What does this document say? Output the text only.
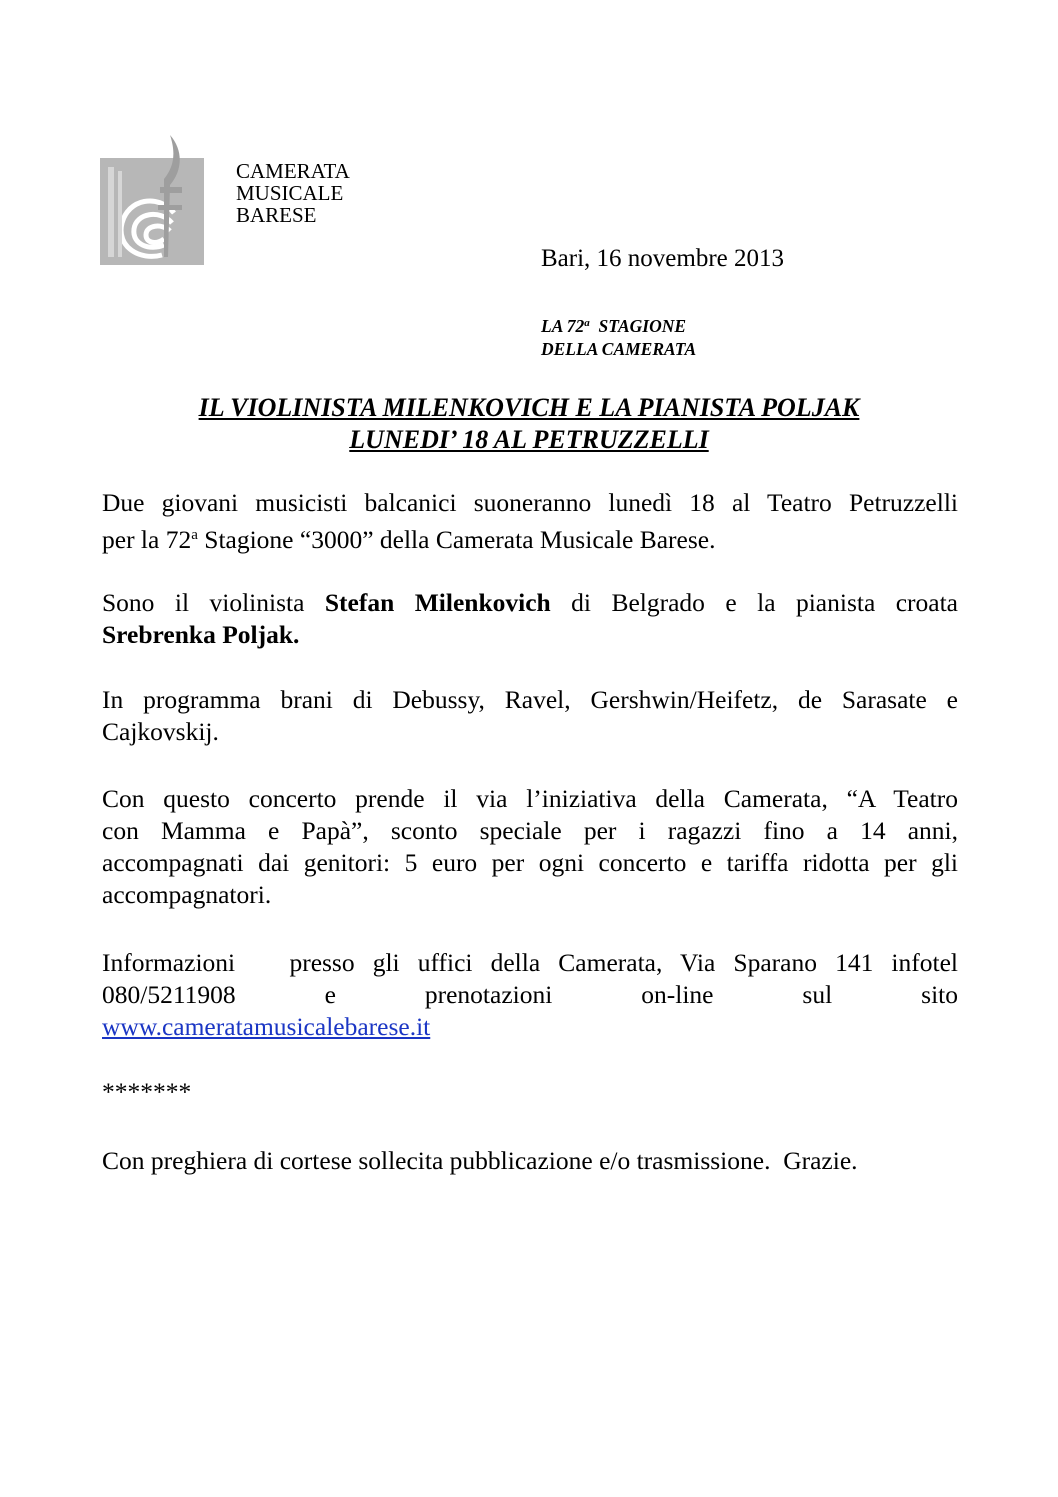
CAMERATA
MUSICALE
BARESE
Bari, 16 novembre 2013
LA 72$^a$  STAGIONE
DELLA CAMERATA
IL VIOLINISTA MILENKOVICH E LA PIANISTA POLJAK
LUNEDI’ 18 AL PETRUZZELLI
Due giovani musicisti balcanici suoneranno lunedì 18 al Teatro Petruzzelli
per la 72$^a$ Stagione “3000” della Camerata Musicale Barese.
Sono il violinista Stefan Milenkovich di Belgrado e la pianista croata
Srebrenka Poljak.
In programma brani di Debussy, Ravel, Gershwin/Heifetz, de Sarasate e
Cajkovskij.
Con questo concerto prende il via l’iniziativa della Camerata, “A Teatro
con Mamma e Papà”, sconto speciale per i ragazzi fino a 14 anni,
accompagnati dai genitori: 5 euro per ogni concerto e tariffa ridotta per gli
accompagnatori.
Informazioni   presso gli uffici della Camerata, Via Sparano 141 infotel
080/5211908 e prenotazioni on-line sul sito
www.cameratamusicalebarese.it
*******
Con preghiera di cortese sollecita pubblicazione e/o trasmissione.  Grazie.
